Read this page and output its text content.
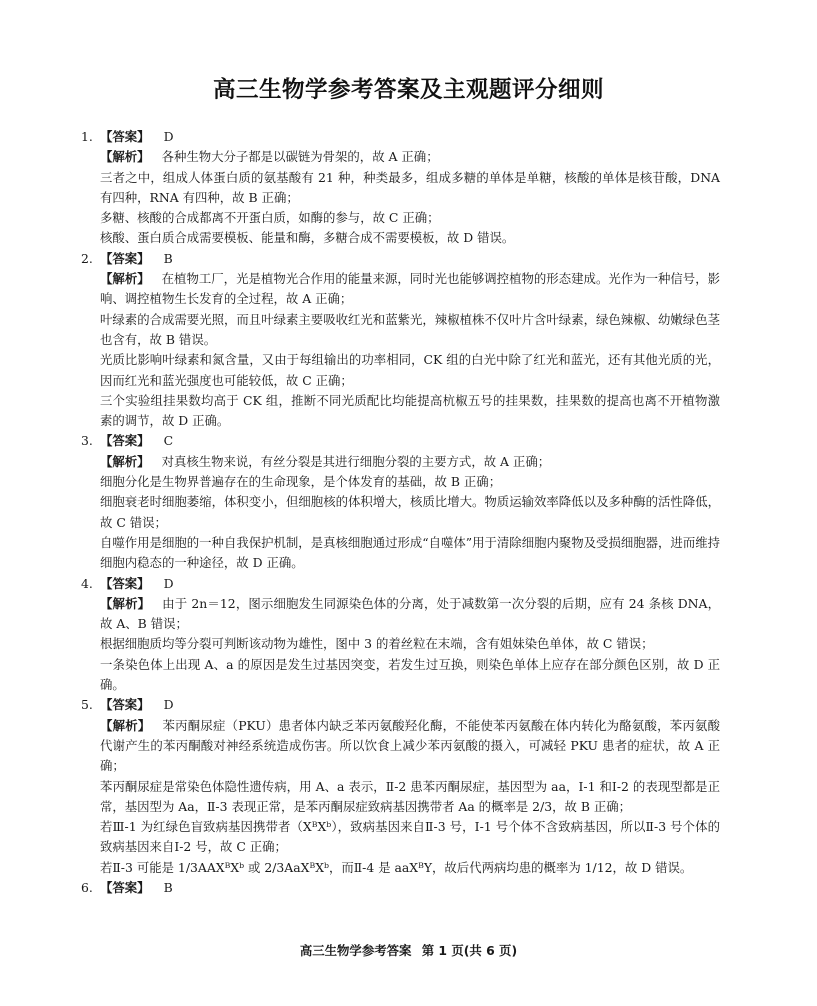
高三生物学参考答案及主观题评分细则
1. 【答案】 D
【解析】 各种生物大分子都是以碳链为骨架的，故 A 正确；
三者之中，组成人体蛋白质的氨基酸有 21 种，种类最多，组成多糖的单体是单糖，核酸的单体是核苷酸，DNA 有四种，RNA 有四种，故 B 正确；
多糖、核酸的合成都离不开蛋白质，如酶的参与，故 C 正确；
核酸、蛋白质合成需要模板、能量和酶，多糖合成不需要模板，故 D 错误。
2. 【答案】 B
【解析】 在植物工厂，光是植物光合作用的能量来源，同时光也能够调控植物的形态建成。光作为一种信号，影响、调控植物生长发育的全过程，故 A 正确；
叶绿素的合成需要光照，而且叶绿素主要吸收红光和蓝紫光，辣椒植株不仅叶片含叶绿素，绿色辣椒、幼嫩绿色茎也含有，故 B 错误。
光质比影响叶绿素和氮含量，又由于每组输出的功率相同，CK 组的白光中除了红光和蓝光，还有其他光质的光，因而红光和蓝光强度也可能较低，故 C 正确；
三个实验组挂果数均高于 CK 组，推断不同光质配比均能提高杭椒五号的挂果数，挂果数的提高也离不开植物激素的调节，故 D 正确。
3. 【答案】 C
【解析】 对真核生物来说，有丝分裂是其进行细胞分裂的主要方式，故 A 正确；
细胞分化是生物界普遍存在的生命现象，是个体发育的基础，故 B 正确；
细胞衰老时细胞萎缩，体积变小，但细胞核的体积增大，核质比增大。物质运输效率降低以及多种酶的活性降低，故 C 错误；
自噬作用是细胞的一种自我保护机制，是真核细胞通过形成“自噬体”用于清除细胞内聚物及受损细胞器，进而维持细胞内稳态的一种途径，故 D 正确。
4. 【答案】 D
【解析】 由于 2n＝12，图示细胞发生同源染色体的分离，处于减数第一次分裂的后期，应有 24 条核 DNA，故 A、B 错误；
根据细胞质均等分裂可判断该动物为雄性，图中 3 的着丝粒在末端，含有姐妹染色单体，故 C 错误；
一条染色体上出现 A、a 的原因是发生过基因突变，若发生过互换，则染色单体上应存在部分颜色区别，故 D 正确。
5. 【答案】 D
【解析】 苯丙酮尿症（PKU）患者体内缺乏苯丙氨酸羟化酶，不能使苯丙氨酸在体内转化为酪氨酸，苯丙氨酸代谢产生的苯丙酮酸对神经系统造成伤害。所以饮食上减少苯丙氨酸的摄入，可减轻 PKU 患者的症状，故 A 正确；
苯丙酮尿症是常染色体隐性遗传病，用 A、a 表示，Ⅱ-2 患苯丙酮尿症，基因型为 aa，Ⅰ-1 和Ⅰ-2 的表现型都是正常，基因型为 Aa，Ⅱ-3 表现正常，是苯丙酮尿症致病基因携带者 Aa 的概率是 2/3，故 B 正确；
若Ⅲ-1 为红绿色盲致病基因携带者（XᴮXᵇ），致病基因来自Ⅱ-3 号，Ⅰ-1 号个体不含致病基因，所以Ⅱ-3 号个体的致病基因来自Ⅰ-2 号，故 C 正确；
若Ⅱ-3 可能是 1/3AAXᴮXᵇ 或 2/3AaXᴮXᵇ，而Ⅱ-4 是 aaXᴮY，故后代两病均患的概率为 1/12，故 D 错误。
6. 【答案】 B
高三生物学参考答案 第 1 页(共 6 页)
